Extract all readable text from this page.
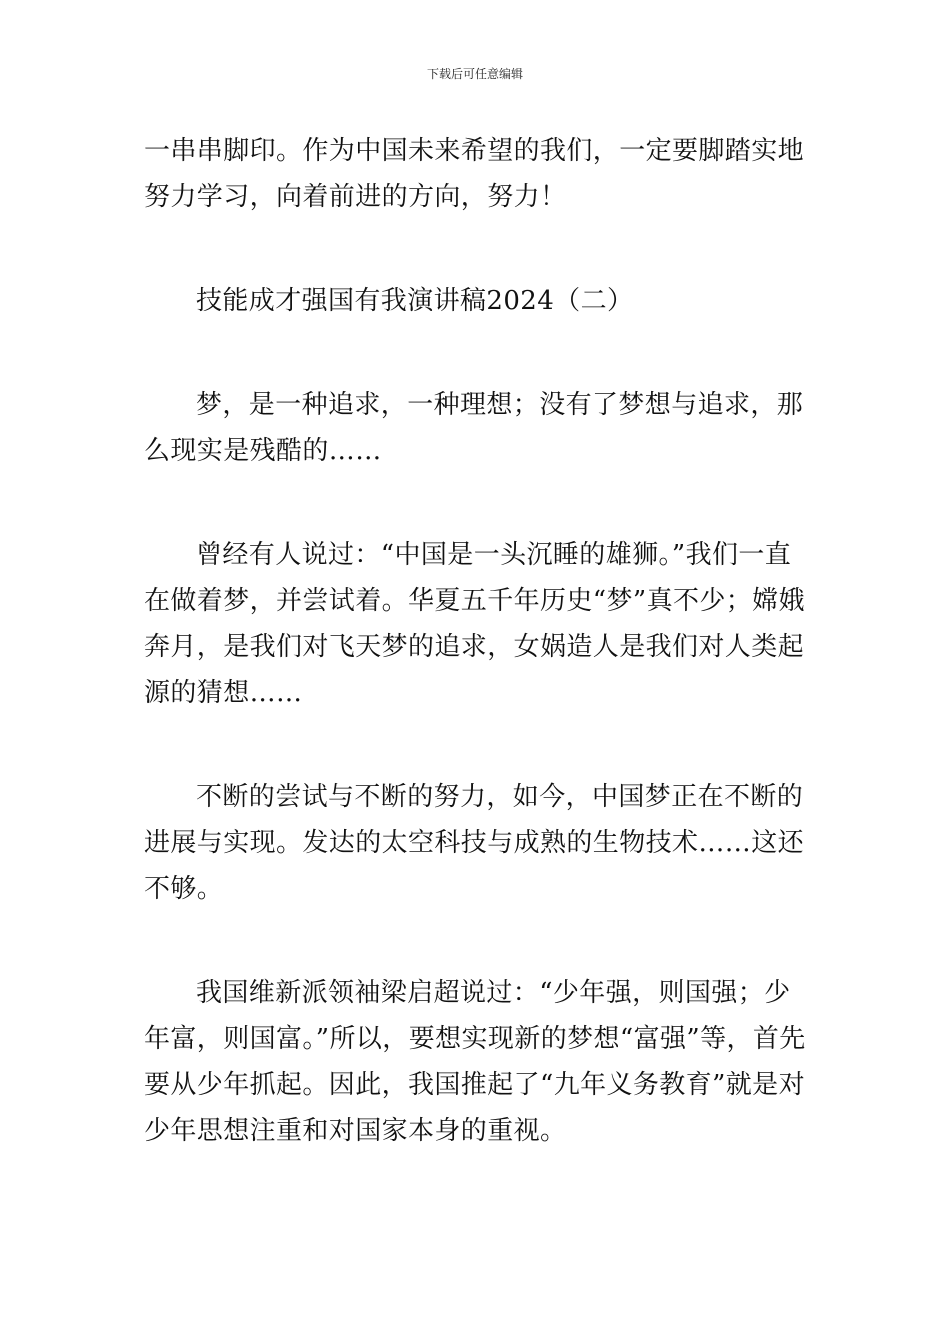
下载后可任意编辑

一串串脚印。作为中国未来希望的我们，一定要脚踏实地努力学习，向着前进的方向，努力！

技能成才强国有我演讲稿2024（二）

梦，是一种追求，一种理想；没有了梦想与追求，那么现实是残酷的……

曾经有人说过：“中国是一头沉睡的雄狮。”我们一直在做着梦，并尝试着。华夏五千年历史“梦”真不少；嫦娥奔月，是我们对飞天梦的追求，女娲造人是我们对人类起源的猜想……

不断的尝试与不断的努力，如今，中国梦正在不断的进展与实现。发达的太空科技与成熟的生物技术……这还不够。

我国维新派领袖梁启超说过：“少年强，则国强；少年富，则国富。”所以，要想实现新的梦想“富强”等，首先要从少年抓起。因此，我国推起了“九年义务教育”就是对少年思想注重和对国家本身的重视。
